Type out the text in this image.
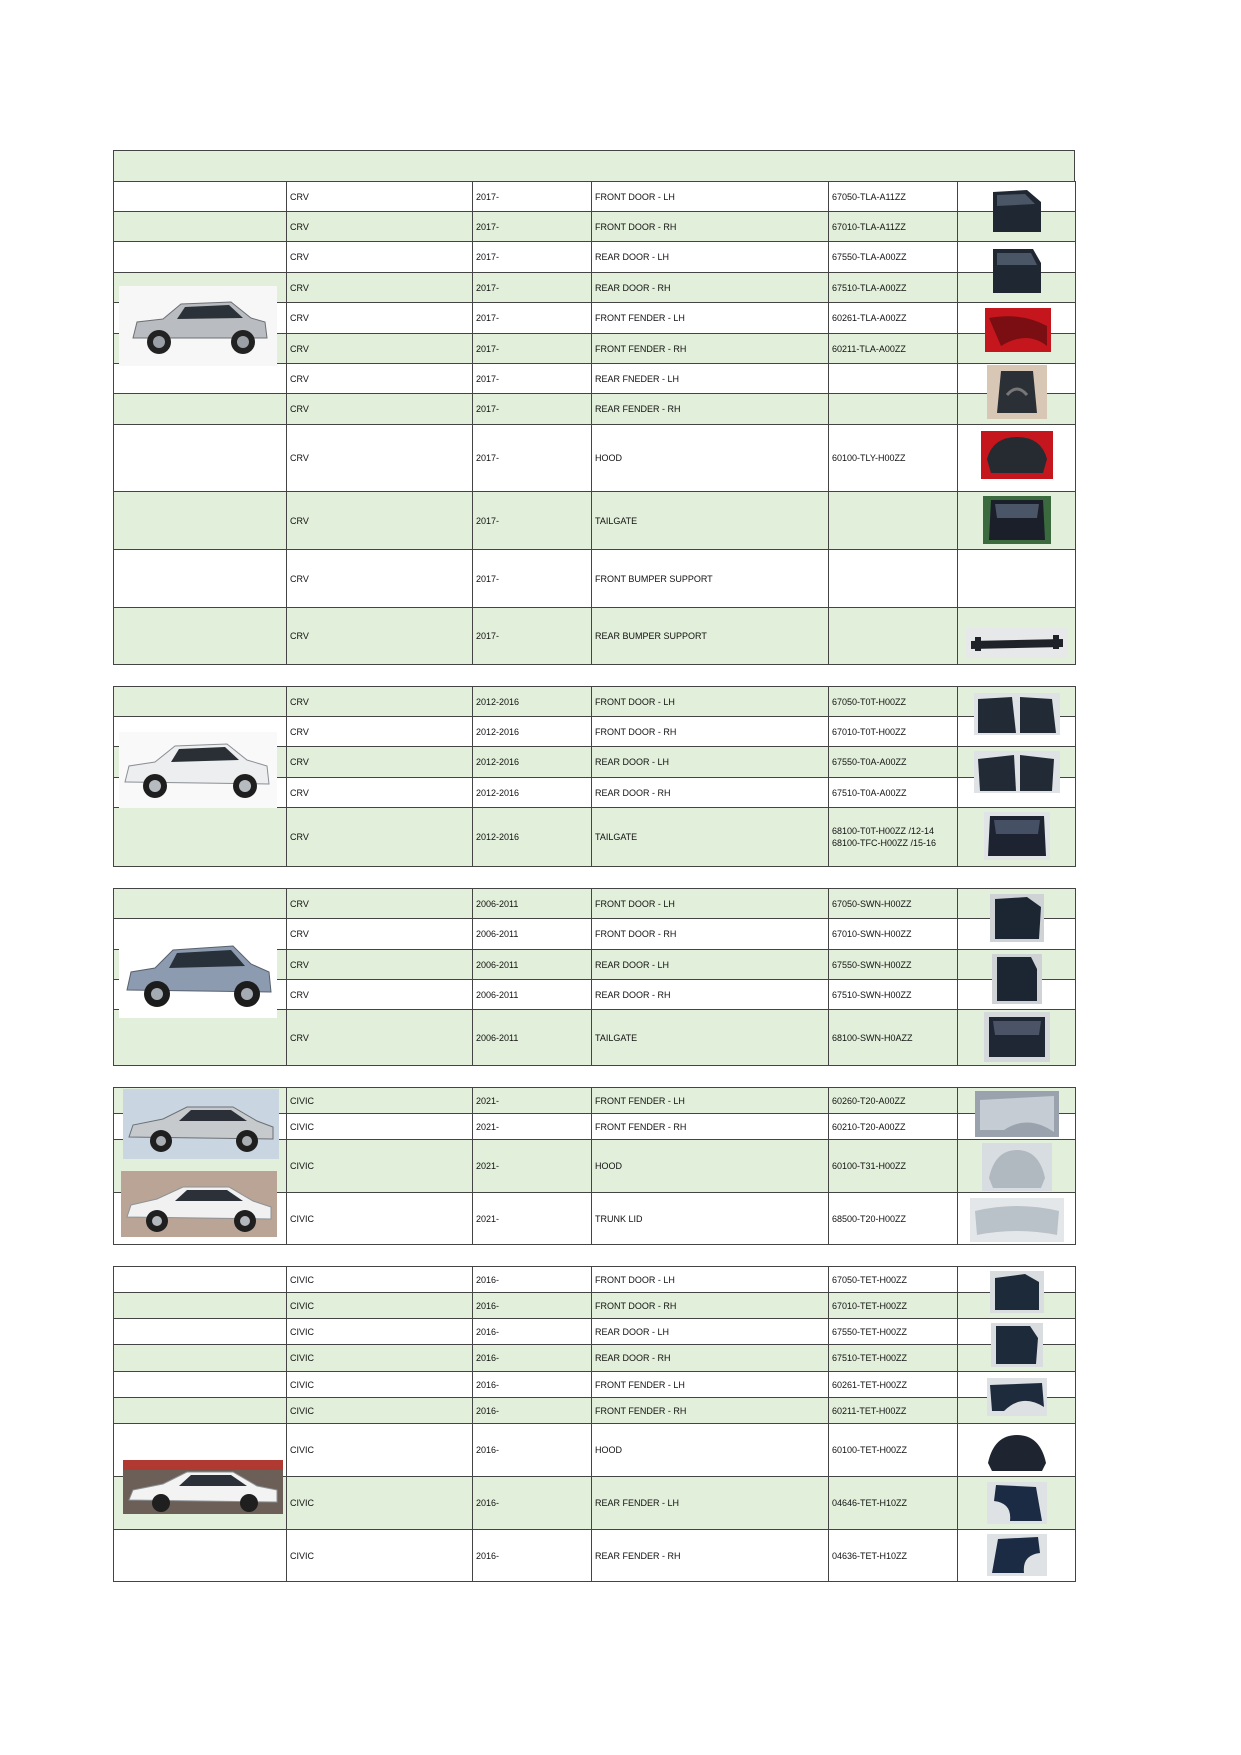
	CRV	2017-	FRONT DOOR - LH	67050-TLA-A11ZZ	
	CRV	2017-	FRONT DOOR - RH	67010-TLA-A11ZZ	
	CRV	2017-	REAR DOOR - LH	67550-TLA-A00ZZ	
	CRV	2017-	REAR DOOR - RH	67510-TLA-A00ZZ	
	CRV	2017-	FRONT FENDER - LH	60261-TLA-A00ZZ	
	CRV	2017-	FRONT FENDER - RH	60211-TLA-A00ZZ	
	CRV	2017-	REAR FNEDER - LH		
	CRV	2017-	REAR FENDER - RH		
	CRV	2017-	HOOD	60100-TLY-H00ZZ	
	CRV	2017-	TAILGATE		
	CRV	2017-	FRONT BUMPER SUPPORT		
	CRV	2017-	REAR BUMPER SUPPORT		
	CRV	2012-2016	FRONT DOOR - LH	67050-T0T-H00ZZ	
	CRV	2012-2016	FRONT DOOR - RH	67010-T0T-H00ZZ	
	CRV	2012-2016	REAR DOOR - LH	67550-T0A-A00ZZ	
	CRV	2012-2016	REAR DOOR - RH	67510-T0A-A00ZZ	
	CRV	2012-2016	TAILGATE	68100-T0T-H00ZZ /12-14
68100-TFC-H00ZZ /15-16	

	CRV	2006-2011	FRONT DOOR - LH	67050-SWN-H00ZZ	
	CRV	2006-2011	FRONT DOOR - RH	67010-SWN-H00ZZ	
	CRV	2006-2011	REAR DOOR - LH	67550-SWN-H00ZZ	
	CRV	2006-2011	REAR DOOR - RH	67510-SWN-H00ZZ	
	CRV	2006-2011	TAILGATE	68100-SWN-H0AZZ	
	CIVIC	2021-	FRONT FENDER - LH	60260-T20-A00ZZ	
	CIVIC	2021-	FRONT FENDER - RH	60210-T20-A00ZZ	
	CIVIC	2021-	HOOD	60100-T31-H00ZZ	
	CIVIC	2021-	TRUNK LID	68500-T20-H00ZZ	
	CIVIC	2016-	FRONT DOOR - LH	67050-TET-H00ZZ	
	CIVIC	2016-	FRONT DOOR - RH	67010-TET-H00ZZ	
	CIVIC	2016-	REAR DOOR - LH	67550-TET-H00ZZ	
	CIVIC	2016-	REAR DOOR - RH	67510-TET-H00ZZ	
	CIVIC	2016-	FRONT FENDER - LH	60261-TET-H00ZZ	
	CIVIC	2016-	FRONT FENDER - RH	60211-TET-H00ZZ	
	CIVIC	2016-	HOOD	60100-TET-H00ZZ	
	CIVIC	2016-	REAR FENDER - LH	04646-TET-H10ZZ	
	CIVIC	2016-	REAR FENDER - RH	04636-TET-H10ZZ	
